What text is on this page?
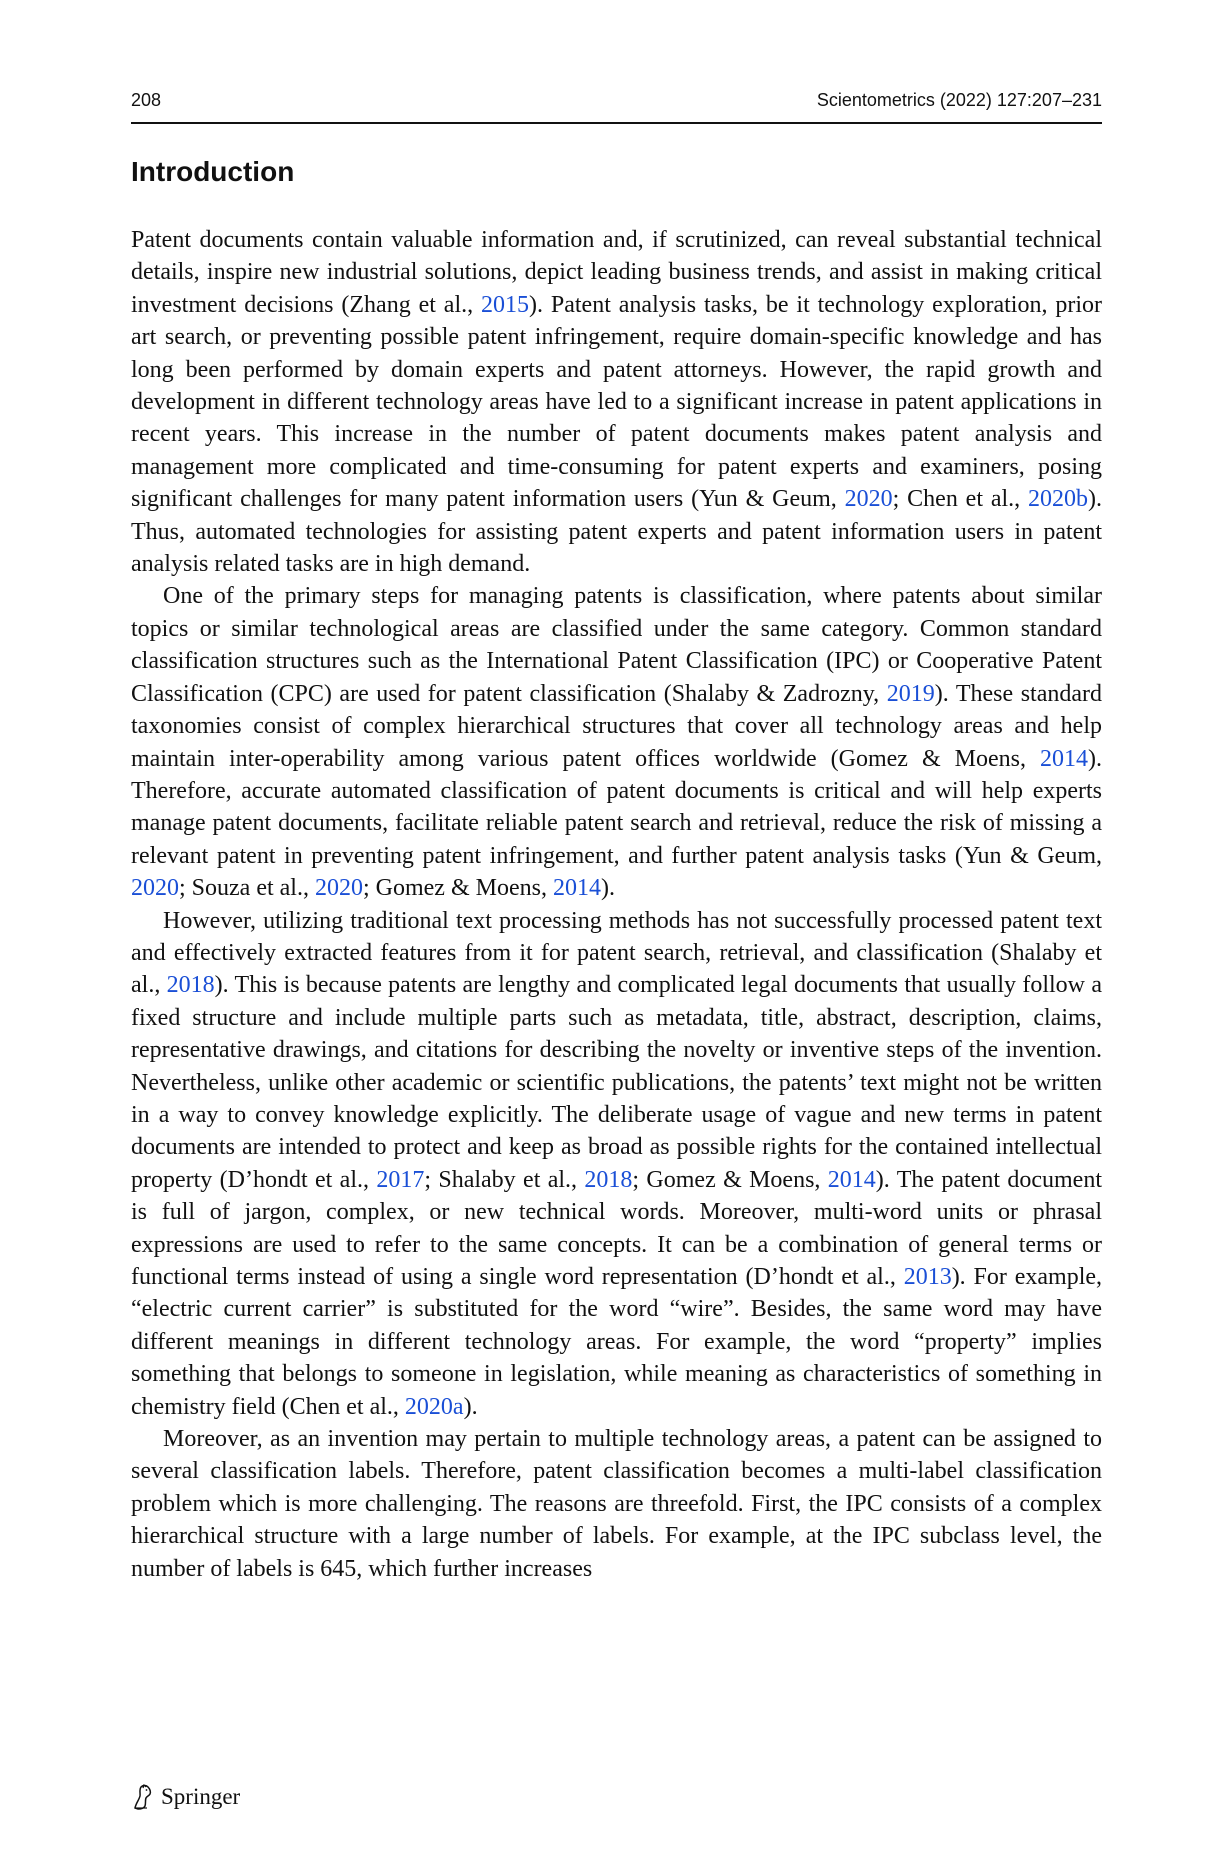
208	Scientometrics (2022) 127:207–231
Introduction

Patent documents contain valuable information and, if scrutinized, can reveal substantial technical details, inspire new industrial solutions, depict leading business trends, and assist in making critical investment decisions (Zhang et al., 2015). Patent analysis tasks, be it technology exploration, prior art search, or preventing possible patent infringement, require domain-specific knowledge and has long been performed by domain experts and patent attorneys. However, the rapid growth and development in different technology areas have led to a significant increase in patent applications in recent years. This increase in the number of patent documents makes patent analysis and management more complicated and time-consuming for patent experts and examiners, posing significant challenges for many patent information users (Yun & Geum, 2020; Chen et al., 2020b). Thus, automated technologies for assisting patent experts and patent information users in patent analysis related tasks are in high demand.

One of the primary steps for managing patents is classification, where patents about similar topics or similar technological areas are classified under the same category. Common standard classification structures such as the International Patent Classification (IPC) or Cooperative Patent Classification (CPC) are used for patent classification (Shalaby & Zadrozny, 2019). These standard taxonomies consist of complex hierarchical structures that cover all technology areas and help maintain inter-operability among various patent offices worldwide (Gomez & Moens, 2014). Therefore, accurate automated classification of patent documents is critical and will help experts manage patent documents, facilitate reliable patent search and retrieval, reduce the risk of missing a relevant patent in preventing patent infringement, and further patent analysis tasks (Yun & Geum, 2020; Souza et al., 2020; Gomez & Moens, 2014).

However, utilizing traditional text processing methods has not successfully processed patent text and effectively extracted features from it for patent search, retrieval, and classification (Shalaby et al., 2018). This is because patents are lengthy and complicated legal documents that usually follow a fixed structure and include multiple parts such as metadata, title, abstract, description, claims, representative drawings, and citations for describing the novelty or inventive steps of the invention. Nevertheless, unlike other academic or scientific publications, the patents’ text might not be written in a way to convey knowledge explicitly. The deliberate usage of vague and new terms in patent documents are intended to protect and keep as broad as possible rights for the contained intellectual property (D’hondt et al., 2017; Shalaby et al., 2018; Gomez & Moens, 2014). The patent document is full of jargon, complex, or new technical words. Moreover, multi-word units or phrasal expressions are used to refer to the same concepts. It can be a combination of general terms or functional terms instead of using a single word representation (D’hondt et al., 2013). For example, “electric current carrier” is substituted for the word “wire”. Besides, the same word may have different meanings in different technology areas. For example, the word “property” implies something that belongs to someone in legislation, while meaning as characteristics of something in chemistry field (Chen et al., 2020a).

Moreover, as an invention may pertain to multiple technology areas, a patent can be assigned to several classification labels. Therefore, patent classification becomes a multi-label classification problem which is more challenging. The reasons are threefold. First, the IPC consists of a complex hierarchical structure with a large number of labels. For example, at the IPC subclass level, the number of labels is 645, which further increases

Springer
